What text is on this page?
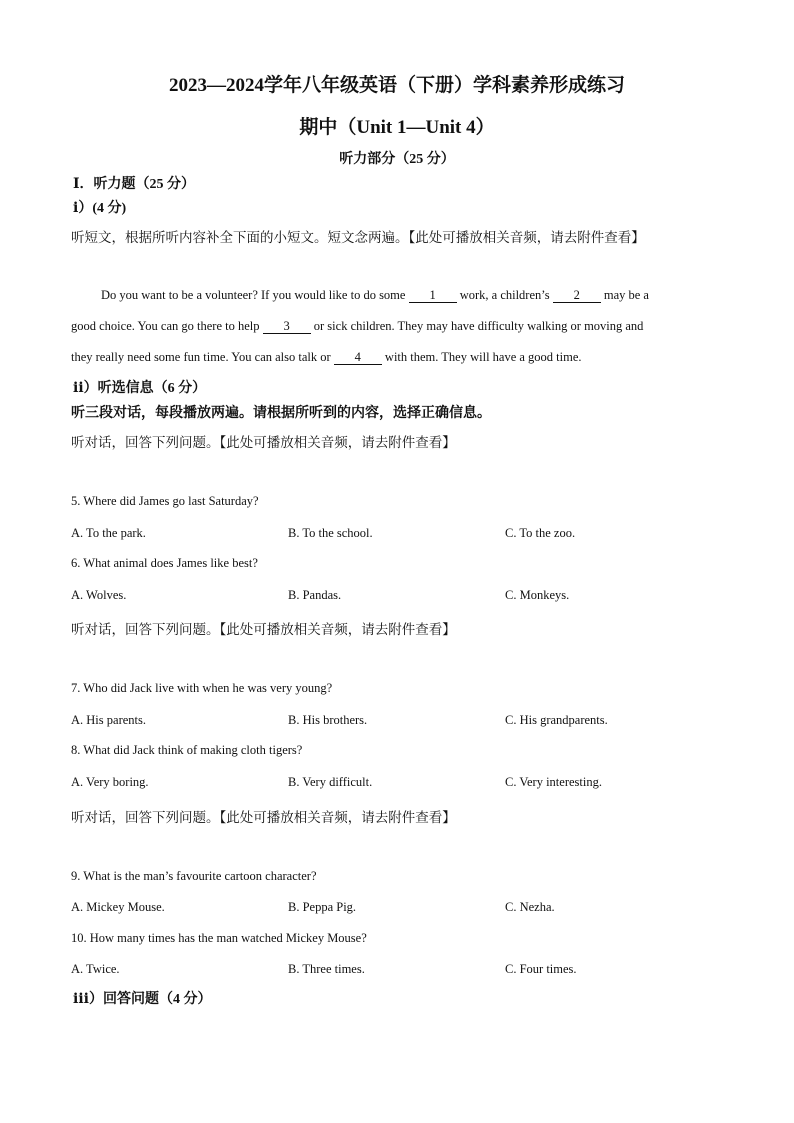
2023—2024学年八年级英语（下册）学科素养形成练习
期中（Unit 1—Unit 4）
听力部分（25 分）
Ⅰ．听力题（25 分）
ⅰ）(4 分)
听短文，根据所听内容补全下面的小短文。短文念两遍。【此处可播放相关音频，请去附件查看】
Do you want to be a volunteer? If you would like to do some 1 work, a children’s 2 may be a
good choice. You can go there to help 3 or sick children. They may have difficulty walking or moving and
they really need some fun time. You can also talk or 4 with them. They will have a good time.
ⅱ）听选信息（6 分）
听三段对话，每段播放两遍。请根据所听到的内容，选择正确信息。
听对话，回答下列问题。【此处可播放相关音频，请去附件查看】
5. Where did James go last Saturday?
A. To the park.	B. To the school.	C. To the zoo.
6. What animal does James like best?
A. Wolves.	B. Pandas.	C. Monkeys.
听对话，回答下列问题。【此处可播放相关音频，请去附件查看】
7. Who did Jack live with when he was very young?
A. His parents.	B. His brothers.	C. His grandparents.
8. What did Jack think of making cloth tigers?
A. Very boring.	B. Very difficult.	C. Very interesting.
听对话，回答下列问题。【此处可播放相关音频，请去附件查看】
9. What is the man’s favourite cartoon character?
A. Mickey Mouse.	B. Peppa Pig.	C. Nezha.
10. How many times has the man watched Mickey Mouse?
A. Twice.	B. Three times.	C. Four times.
ⅲ）回答问题（4 分）
